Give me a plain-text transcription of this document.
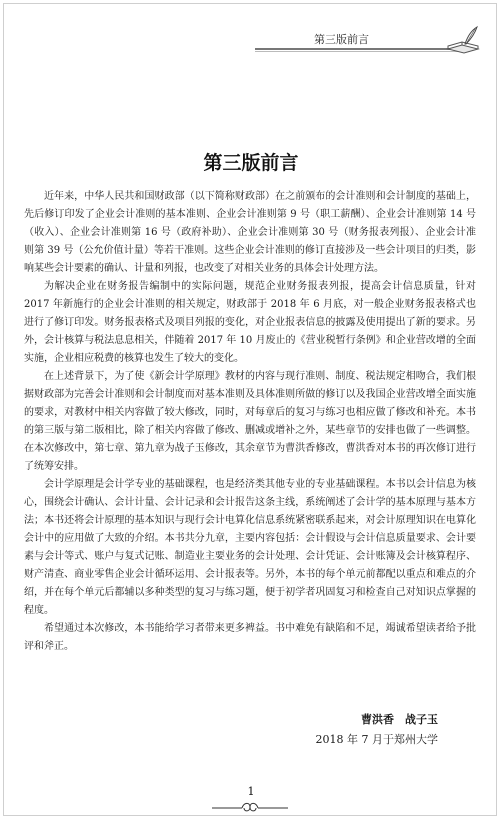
第三版前言
第三版前言

近年来，中华人民共和国财政部（以下简称财政部）在之前颁布的会计准则和会计制度的基础上，先后修订印发了企业会计准则的基本准则、企业会计准则第 9 号（职工薪酬）、企业会计准则第 14 号（收入）、企业会计准则第 16 号（政府补助）、企业会计准则第 30 号（财务报表列报）、企业会计准则第 39 号（公允价值计量）等若干准则。这些企业会计准则的修订直接涉及一些会计项目的归类，影响某些会计要素的确认、计量和列报，也改变了对相关业务的具体会计处理方法。

为解决企业在财务报告编制中的实际问题，规范企业财务报表列报，提高会计信息质量，针对 2017 年新施行的企业会计准则的相关规定，财政部于 2018 年 6 月底，对一般企业财务报表格式也进行了修订印发。财务报表格式及项目列报的变化，对企业报表信息的披露及使用提出了新的要求。另外，会计核算与税法息息相关，伴随着 2017 年 10 月废止的《营业税暂行条例》和企业营改增的全面实施，企业相应税费的核算也发生了较大的变化。

在上述背景下，为了使《新会计学原理》教材的内容与现行准则、制度、税法规定相吻合，我们根据财政部为完善会计准则和会计制度而对基本准则及具体准则所做的修订以及我国企业营改增全面实施的要求，对教材中相关内容做了较大修改，同时，对每章后的复习与练习也相应做了修改和补充。本书的第三版与第二版相比，除了相关内容做了修改、删减或增补之外，某些章节的安排也做了一些调整。在本次修改中，第七章、第九章为战子玉修改，其余章节为曹洪香修改，曹洪香对本书的再次修订进行了统筹安排。

会计学原理是会计学专业的基础课程，也是经济类其他专业的专业基础课程。本书以会计信息为核心，围绕会计确认、会计计量、会计记录和会计报告这条主线，系统阐述了会计学的基本原理与基本方法；本书还将会计原理的基本知识与现行会计电算化信息系统紧密联系起来，对会计原理知识在电算化会计中的应用做了大致的介绍。本书共分九章，主要内容包括：会计假设与会计信息质量要求、会计要素与会计等式、账户与复式记账、制造业主要业务的会计处理、会计凭证、会计账簿及会计核算程序、财产清查、商业零售企业会计循环运用、会计报表等。另外，本书的每个单元前都配以重点和难点的介绍，并在每个单元后都辅以多种类型的复习与练习题，便于初学者巩固复习和检查自己对知识点掌握的程度。

希望通过本次修改，本书能给学习者带来更多裨益。书中难免有缺陷和不足，竭诚希望读者给予批评和斧正。

曹洪香　战子玉
2018 年 7 月于郑州大学
1
